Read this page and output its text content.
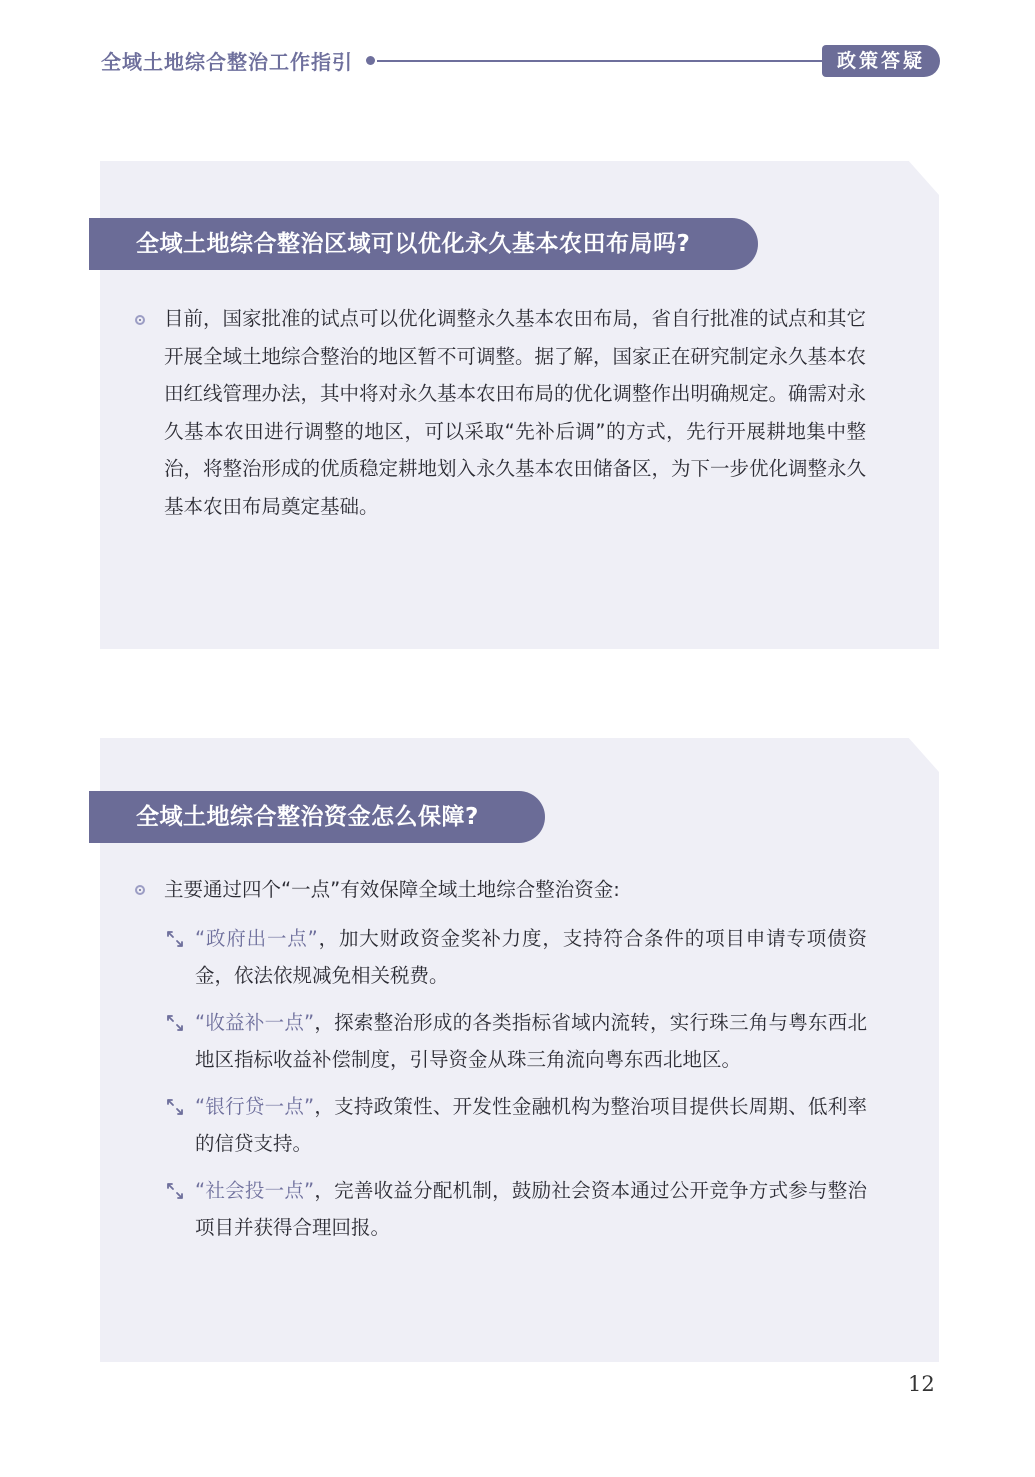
全域土地综合整治工作指引	政策答疑
全域土地综合整治区域可以优化永久基本农田布局吗?
目前，国家批准的试点可以优化调整永久基本农田布局，省自行批准的试点和其它开展全域土地综合整治的地区暂不可调整。据了解，国家正在研究制定永久基本农田红线管理办法，其中将对永久基本农田布局的优化调整作出明确规定。确需对永久基本农田进行调整的地区，可以采取“先补后调”的方式，先行开展耕地集中整治，将整治形成的优质稳定耕地划入永久基本农田储备区，为下一步优化调整永久基本农田布局奠定基础。
全域土地综合整治资金怎么保障?
主要通过四个“一点”有效保障全域土地综合整治资金:
“政府出一点”，加大财政资金奖补力度，支持符合条件的项目申请专项债资金，依法依规减免相关税费。
“收益补一点”，探索整治形成的各类指标省域内流转，实行珠三角与粤东西北地区指标收益补偿制度，引导资金从珠三角流向粤东西北地区。
“银行贷一点”，支持政策性、开发性金融机构为整治项目提供长周期、低利率的信贷支持。
“社会投一点”，完善收益分配机制，鼓励社会资本通过公开竞争方式参与整治项目并获得合理回报。
12
